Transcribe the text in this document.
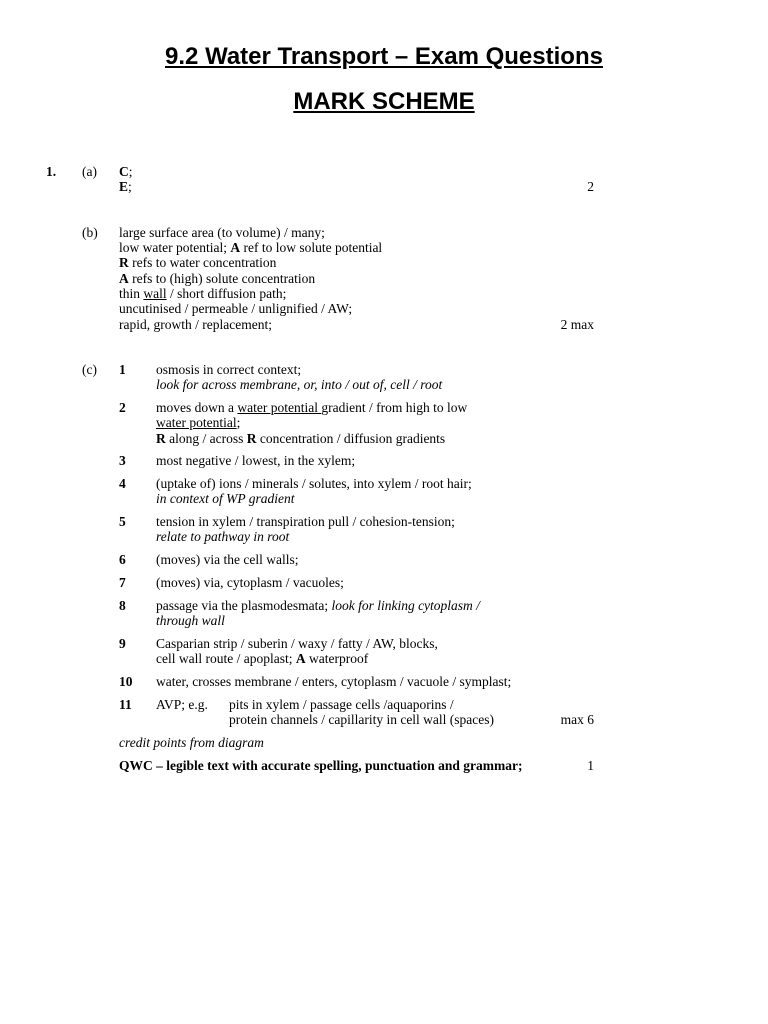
9.2 Water Transport – Exam Questions
MARK SCHEME
1. (a) C;
E;	2
(b) large surface area (to volume) / many;
low water potential; A ref to low solute potential
R refs to water concentration
A refs to (high) solute concentration
thin wall / short diffusion path;
uncutinised / permeable / unlignified / AW;
rapid, growth / replacement;	2 max
(c) 1 osmosis in correct context;
look for across membrane, or, into / out of, cell / root
2 moves down a water potential gradient / from high to low
water potential;
R along / across R concentration / diffusion gradients
3 most negative / lowest, in the xylem;
4 (uptake of) ions / minerals / solutes, into xylem / root hair;
in context of WP gradient
5 tension in xylem / transpiration pull / cohesion-tension;
relate to pathway in root
6 (moves) via the cell walls;
7 (moves) via, cytoplasm / vacuoles;
8 passage via the plasmodesmata; look for linking cytoplasm /
through wall
9 Casparian strip / suberin / waxy / fatty / AW, blocks,
cell wall route / apoplast; A waterproof
10 water, crosses membrane / enters, cytoplasm / vacuole / symplast;
11 AVP; e.g. pits in xylem / passage cells /aquaporins /
protein channels / capillarity in cell wall (spaces)	max 6
credit points from diagram
QWC – legible text with accurate spelling, punctuation and grammar;	1
